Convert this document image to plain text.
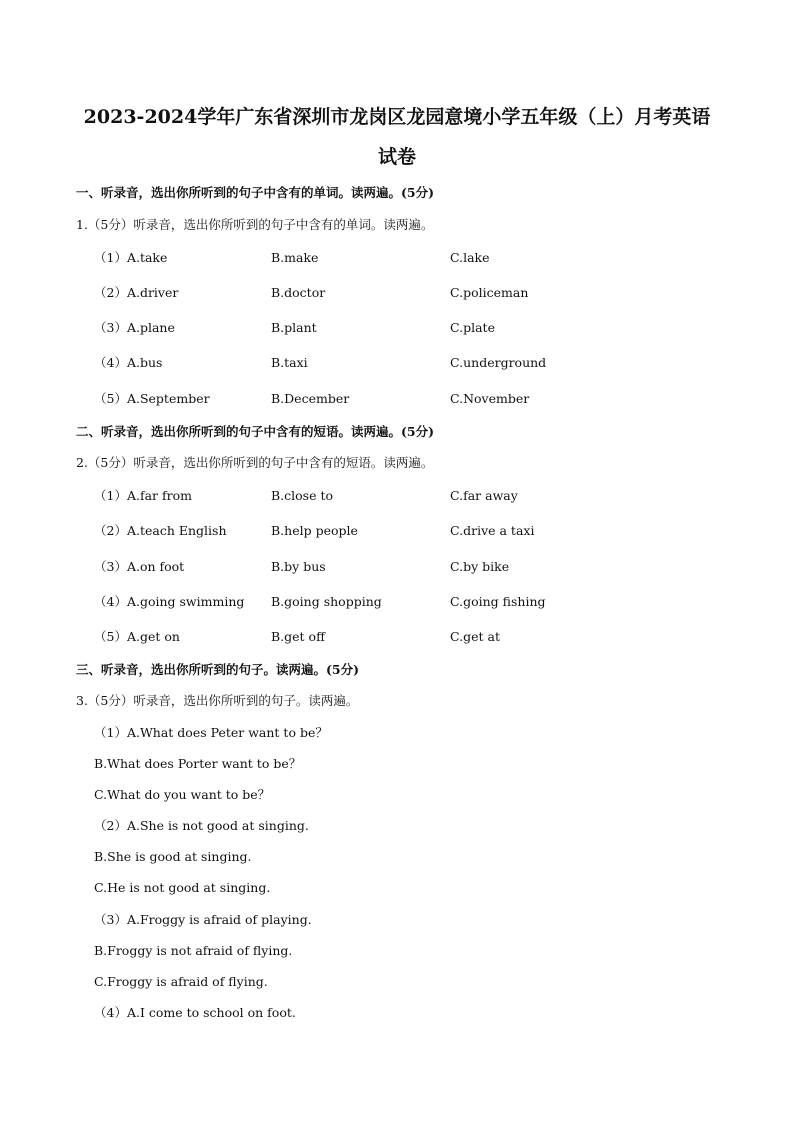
2023-2024学年广东省深圳市龙岗区龙园意境小学五年级（上）月考英语
试卷
一、听录音，选出你所听到的句子中含有的单词。读两遍。(5分)
1.（5分）听录音，选出你所听到的句子中含有的单词。读两遍。
（1）A.take	B.make	C.lake
（2）A.driver	B.doctor	C.policeman
（3）A.plane	B.plant	C.plate
（4）A.bus	B.taxi	C.underground
（5）A.September	B.December	C.November
二、听录音，选出你所听到的句子中含有的短语。读两遍。(5分)
2.（5分）听录音，选出你所听到的句子中含有的短语。读两遍。
（1）A.far from	B.close to	C.far away
（2）A.teach English	B.help people	C.drive a taxi
（3）A.on foot	B.by bus	C.by bike
（4）A.going swimming B.going shopping	C.going fishing
（5）A.get on	B.get off	C.get at
三、听录音，选出你所听到的句子。读两遍。(5分)
3.（5分）听录音，选出你所听到的句子。读两遍。
（1）A.What does Peter want to be？
B.What does Porter want to be？
C.What do you want to be？
（2）A.She is not good at singing.
B.She is good at singing.
C.He is not good at singing.
（3）A.Froggy is afraid of playing.
B.Froggy is not afraid of flying.
C.Froggy is afraid of flying.
（4）A.I come to school on foot.
